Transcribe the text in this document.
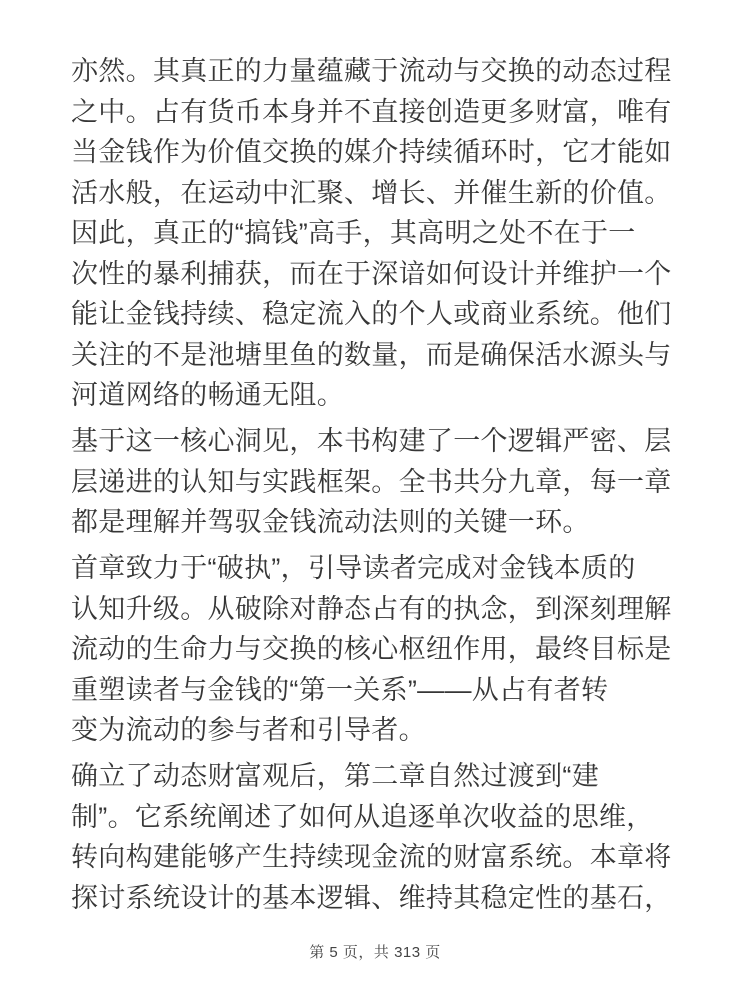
亦然。其真正的力量蕴藏于流动与交换的动态过程
之中。占有货币本身并不直接创造更多财富，唯有
当金钱作为价值交换的媒介持续循环时，它才能如
活水般，在运动中汇聚、增长、并催生新的价值。
因此，真正的“搞钱”高手，其高明之处不在于一
次性的暴利捕获，而在于深谙如何设计并维护一个
能让金钱持续、稳定流入的个人或商业系统。他们
关注的不是池塘里鱼的数量，而是确保活水源头与
河道网络的畅通无阻。
基于这一核心洞见，本书构建了一个逻辑严密、层
层递进的认知与实践框架。全书共分九章，每一章
都是理解并驾驭金钱流动法则的关键一环。
首章致力于“破执”，引导读者完成对金钱本质的
认知升级。从破除对静态占有的执念，到深刻理解
流动的生命力与交换的核心枢纽作用，最终目标是
重塑读者与金钱的“第一关系”——从占有者转
变为流动的参与者和引导者。
确立了动态财富观后，第二章自然过渡到“建
制”。它系统阐述了如何从追逐单次收益的思维，
转向构建能够产生持续现金流的财富系统。本章将
探讨系统设计的基本逻辑、维持其稳定性的基石，
第 5 页，共 313 页
